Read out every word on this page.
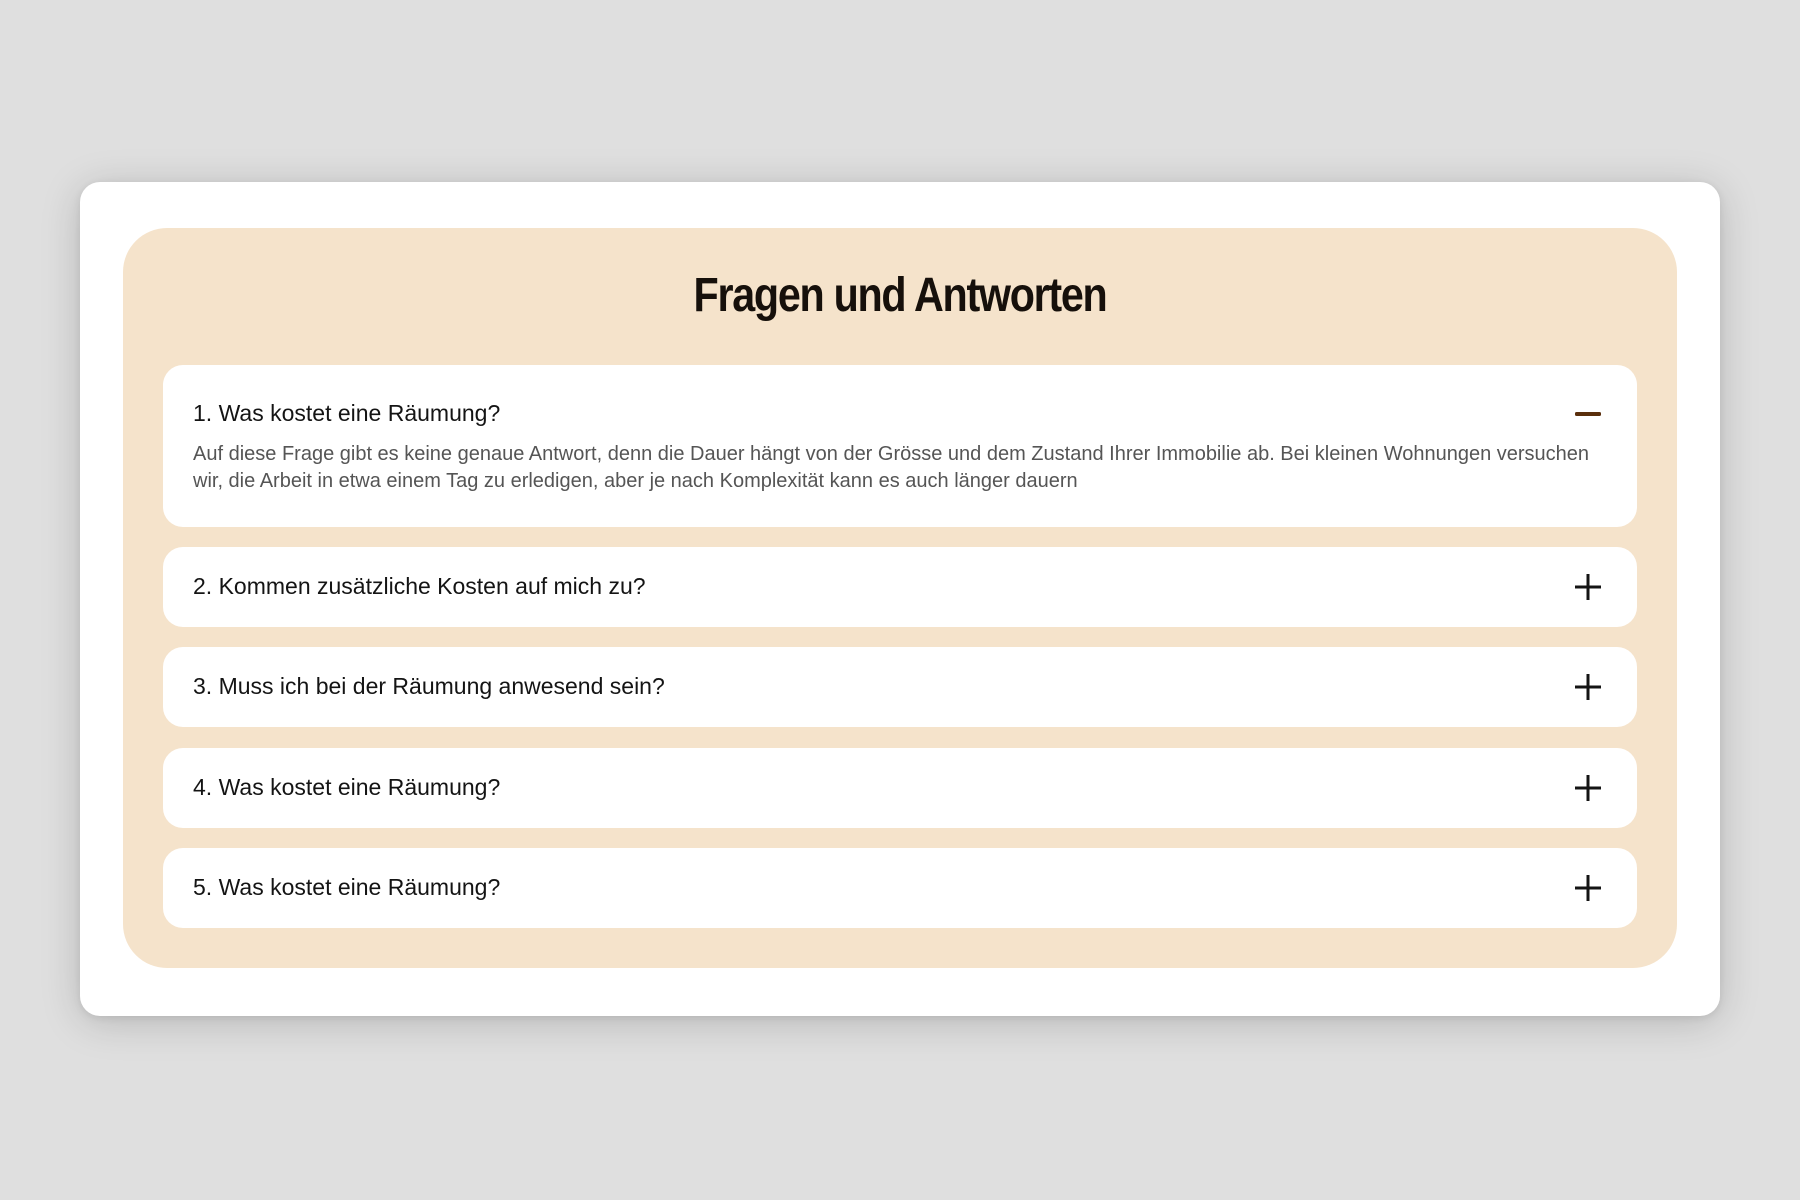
Fragen und Antworten
1. Was kostet eine Räumung?

Auf diese Frage gibt es keine genaue Antwort, denn die Dauer hängt von der Grösse und dem Zustand Ihrer Immobilie ab. Bei kleinen Wohnungen versuchen wir, die Arbeit in etwa einem Tag zu erledigen, aber je nach Komplexität kann es auch länger dauern

2. Kommen zusätzliche Kosten auf mich zu?
3. Muss ich bei der Räumung anwesend sein?
4. Was kostet eine Räumung?
5. Was kostet eine Räumung?
